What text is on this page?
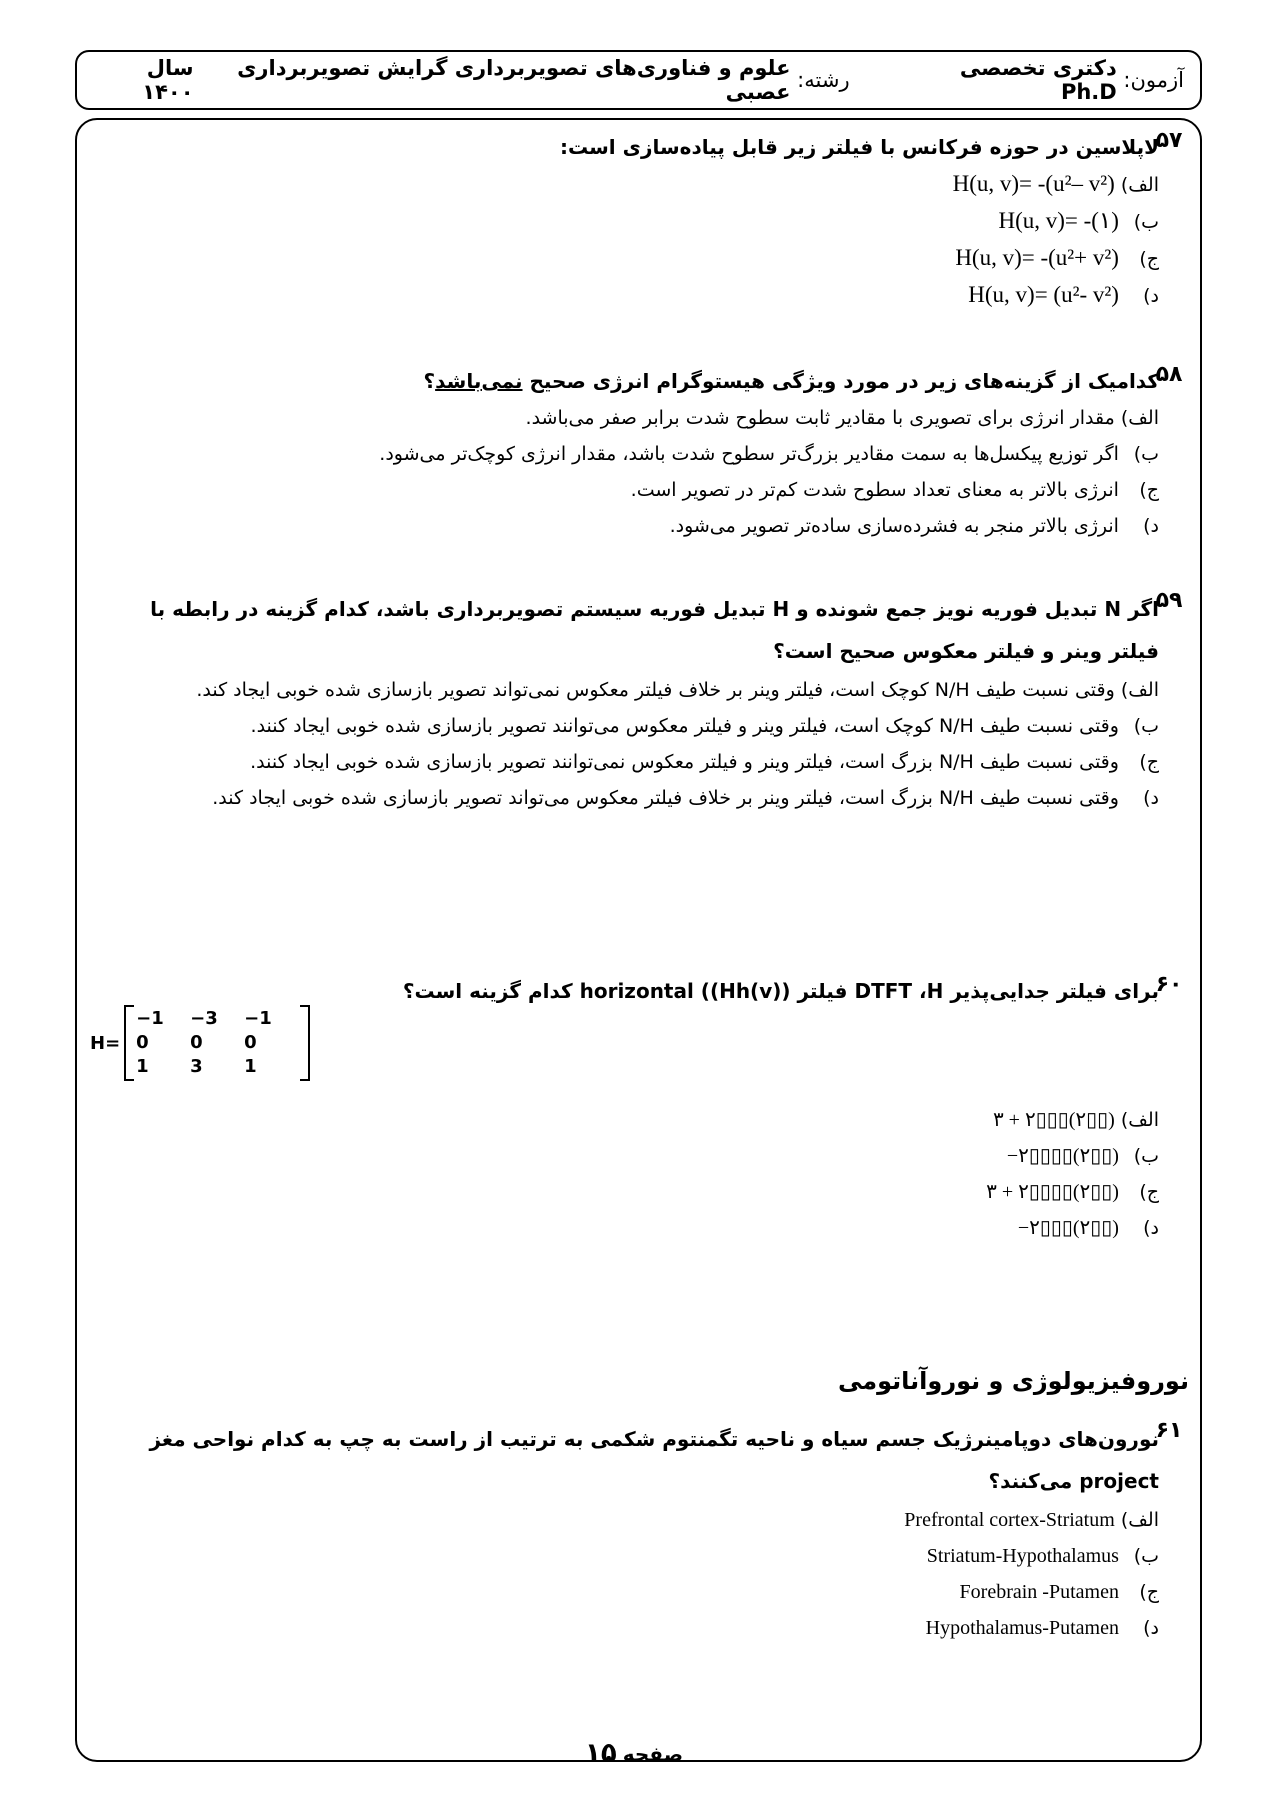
آزمون:

دکتری تخصصی Ph.D
رشته:

علوم و فناوری‌های تصویربرداری گرایش تصویربرداری عصبی
سال ۱۴۰۰
۵۷
لاپلاسین در حوزه فرکانس با فیلتر زیر قابل پیاده‌سازی است:
الف) H(u, v)= -(u²– v²)
ب) H(u, v)= -(۱)
ج) H(u, v)= -(u²+ v²)
د) H(u, v)= (u²- v²)
۵۸
کدامیک از گزینه‌های زیر در مورد ویژگی هیستوگرام انرژی صحیح نمی‌باشد؟
الف) مقدار انرژی برای تصویری با مقادیر ثابت سطوح شدت برابر صفر می‌باشد.
ب) اگر توزیع پیکسل‌ها به سمت مقادیر بزرگ‌تر سطوح شدت باشد، مقدار انرژی کوچک‌تر می‌شود.
ج) انرژی بالاتر به معنای تعداد سطوح شدت کم‌تر در تصویر است.
د) انرژی بالاتر منجر به فشرده‌سازی ساده‌تر تصویر می‌شود.
۵۹
اگر N تبدیل فوریه نویز جمع شونده و H تبدیل فوریه سیستم تصویربرداری باشد، کدام گزینه در رابطه با
فیلتر وینر و فیلتر معکوس صحیح است؟
الف) وقتی نسبت طیف N/H کوچک است، فیلتر وینر بر خلاف فیلتر معکوس نمی‌تواند تصویر بازسازی شده خوبی ایجاد کند.
ب) وقتی نسبت طیف N/H کوچک است، فیلتر وینر و فیلتر معکوس می‌توانند تصویر بازسازی شده خوبی ایجاد کنند.
ج) وقتی نسبت طیف N/H بزرگ است، فیلتر وینر و فیلتر معکوس نمی‌توانند تصویر بازسازی شده خوبی ایجاد کنند.
د) وقتی نسبت طیف N/H بزرگ است، فیلتر وینر بر خلاف فیلتر معکوس می‌تواند تصویر بازسازی شده خوبی ایجاد کند.
۶۰
برای فیلتر جدایی‌پذیر DTFT ،H فیلتر horizontal ((Hh(v)) کدام گزینه است؟
H=
−1	−3	−1
0	0	0
1	3	1
الف) ۳ + ۲▯▯▯(۲▯▯)
ب) −۲▯▯▯▯(۲▯▯)
ج) ۳ + ۲▯▯▯▯(۲▯▯)
د) −۲▯▯▯(۲▯▯)
نوروفیزیولوژی و نوروآناتومی
۶۱
نورون‌های دوپامینرژیک جسم سیاه و ناحیه تگمنتوم شکمی به ترتیب از راست به چپ به کدام نواحی مغز
project می‌کنند؟
الف) Prefrontal cortex-Striatum
ب) Striatum-Hypothalamus
ج) Forebrain -Putamen
د) Hypothalamus-Putamen
صفحه۱۵
